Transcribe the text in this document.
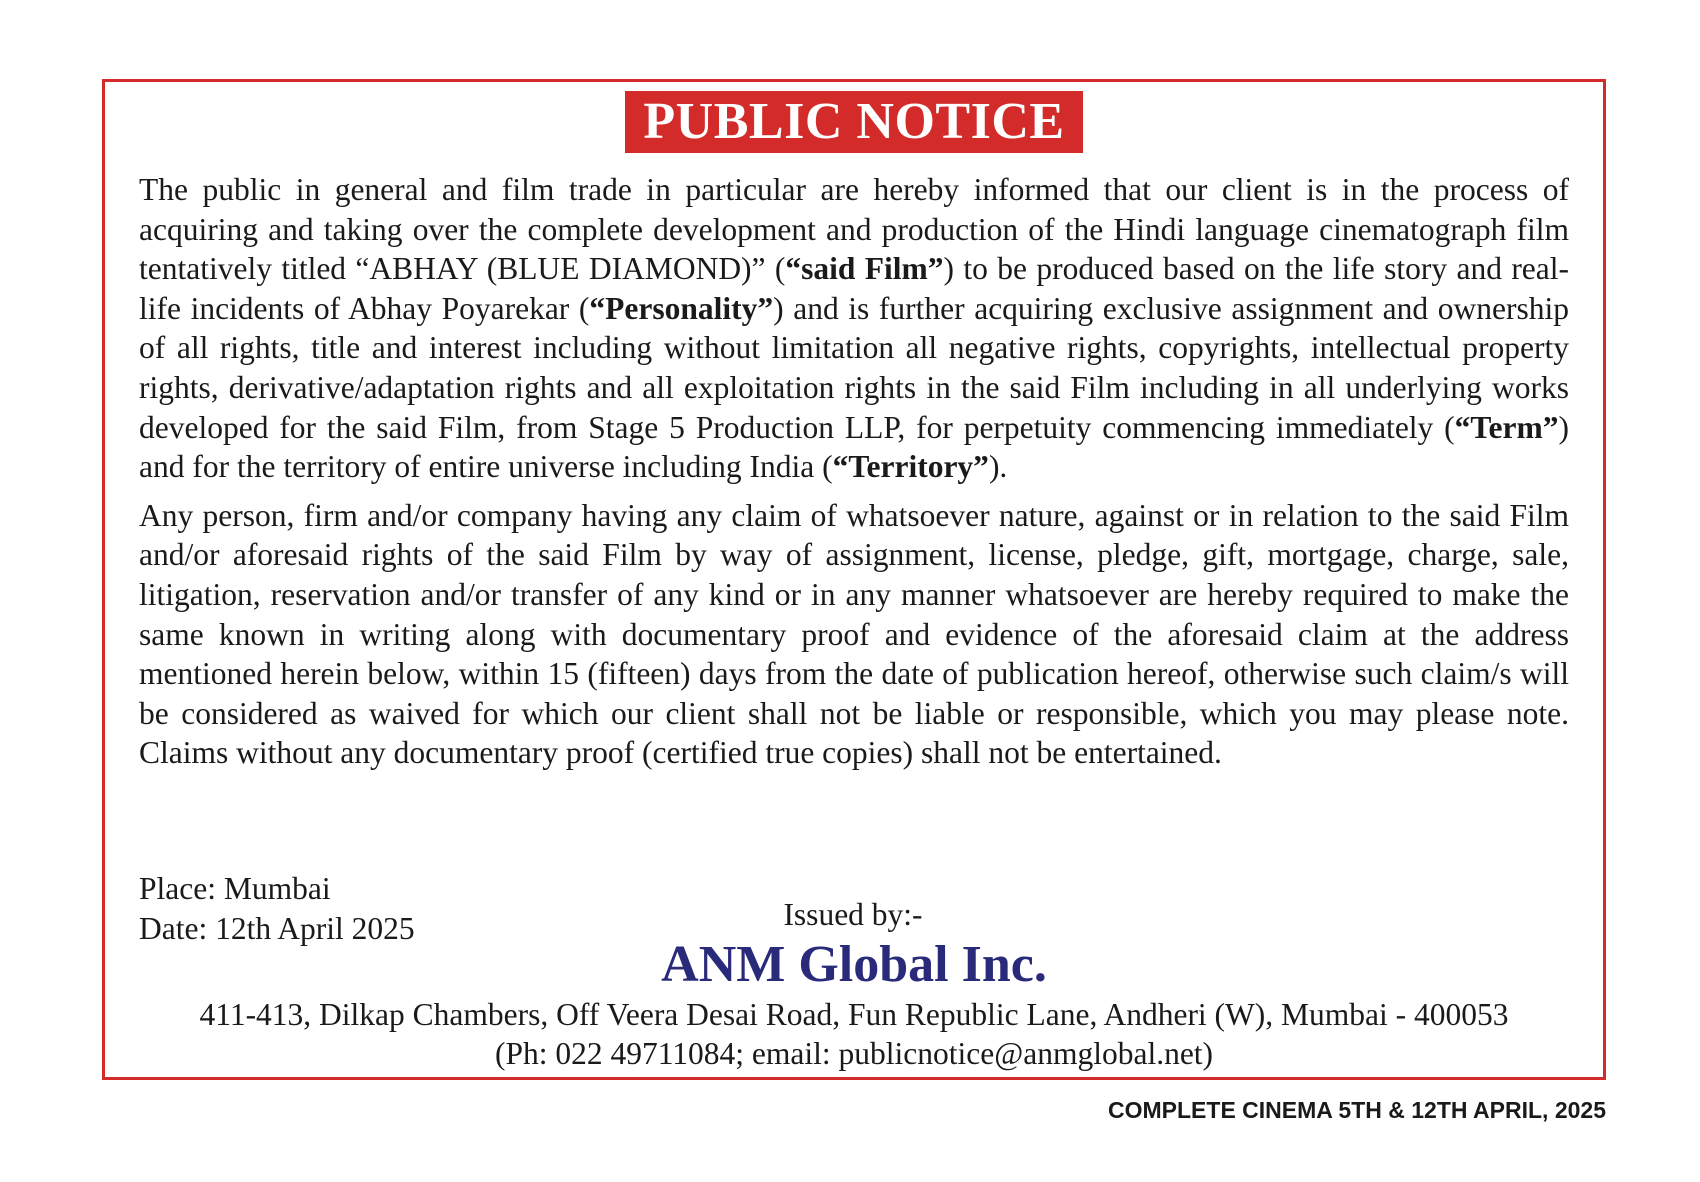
PUBLIC NOTICE

The public in general and film trade in particular are hereby informed that our client is in the process of acquiring and taking over the complete development and production of the Hindi language cinematograph film tentatively titled “ABHAY (BLUE DIAMOND)” (“said Film”) to be produced based on the life story and real-life incidents of Abhay Poyarekar (“Personality”) and is further acquiring exclusive assignment and ownership of all rights, title and interest including without limitation all negative rights, copyrights, intellectual property rights, derivative/adaptation rights and all exploitation rights in the said Film including in all underlying works developed for the said Film, from Stage 5 Production LLP, for perpetuity commencing immediately (“Term”) and for the territory of entire universe including India (“Territory”).

Any person, firm and/or company having any claim of whatsoever nature, against or in relation to the said Film and/or aforesaid rights of the said Film by way of assignment, license, pledge, gift, mortgage, charge, sale, litigation, reservation and/or transfer of any kind or in any manner whatsoever are hereby required to make the same known in writing along with documentary proof and evidence of the aforesaid claim at the address mentioned herein below, within 15 (fifteen) days from the date of publication hereof, otherwise such claim/s will be considered as waived for which our client shall not be liable or responsible, which you may please note. Claims without any documentary proof (certified true copies) shall not be entertained.

Place: Mumbai
Date: 12th April 2025	Issued by:-
ANM Global Inc.
411-413, Dilkap Chambers, Off Veera Desai Road, Fun Republic Lane, Andheri (W), Mumbai - 400053
(Ph: 022 49711084; email: publicnotice@anmglobal.net)
COMPLETE CINEMA 5TH & 12TH APRIL, 2025
